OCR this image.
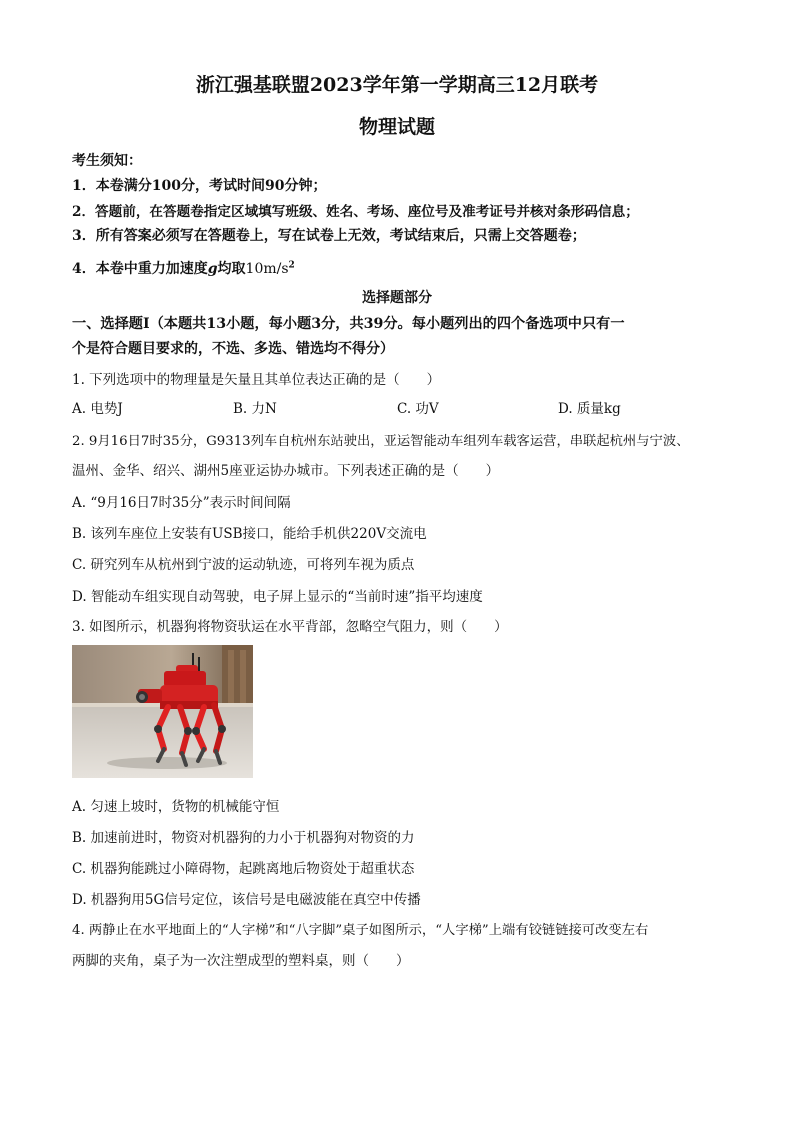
浙江强基联盟2023学年第一学期高三12月联考
物理试题
考生须知：
1．本卷满分100分，考试时间90分钟；
2．答题前，在答题卷指定区域填写班级、姓名、考场、座位号及准考证号并核对条形码信息；
3．所有答案必须写在答题卷上，写在试卷上无效，考试结束后，只需上交答题卷；
4．本卷中重力加速度g均取$10m/s^2$
选择题部分
一、选择题Ⅰ（本题共13小题，每小题3分，共39分。每小题列出的四个备选项中只有一
个是符合题目要求的，不选、多选、错选均不得分）
1. 下列选项中的物理量是矢量且其单位表达正确的是（　　）
A. 电势J	B. 力N	C. 功V	D. 质量kg
2. 9月16日7时35分，G9313列车自杭州东站驶出，亚运智能动车组列车载客运营，串联起杭州与宁波、
温州、金华、绍兴、湖州5座亚运协办城市。下列表述正确的是（　　）
A. “9月16日7时35分”表示时间间隔
B. 该列车座位上安装有USB接口，能给手机供220V交流电
C. 研究列车从杭州到宁波的运动轨迹，可将列车视为质点
D. 智能动车组实现自动驾驶，电子屏上显示的“当前时速”指平均速度
3. 如图所示，机器狗将物资驮运在水平背部，忽略空气阻力，则（　　）
A. 匀速上坡时，货物的机械能守恒
B. 加速前进时，物资对机器狗的力小于机器狗对物资的力
C. 机器狗能跳过小障碍物，起跳离地后物资处于超重状态
D. 机器狗用5G信号定位，该信号是电磁波能在真空中传播
4. 两静止在水平地面上的“人字梯”和“八字脚”桌子如图所示，“人字梯”上端有铰链链接可改变左右
两脚的夹角，桌子为一次注塑成型的塑料桌，则（　　）
